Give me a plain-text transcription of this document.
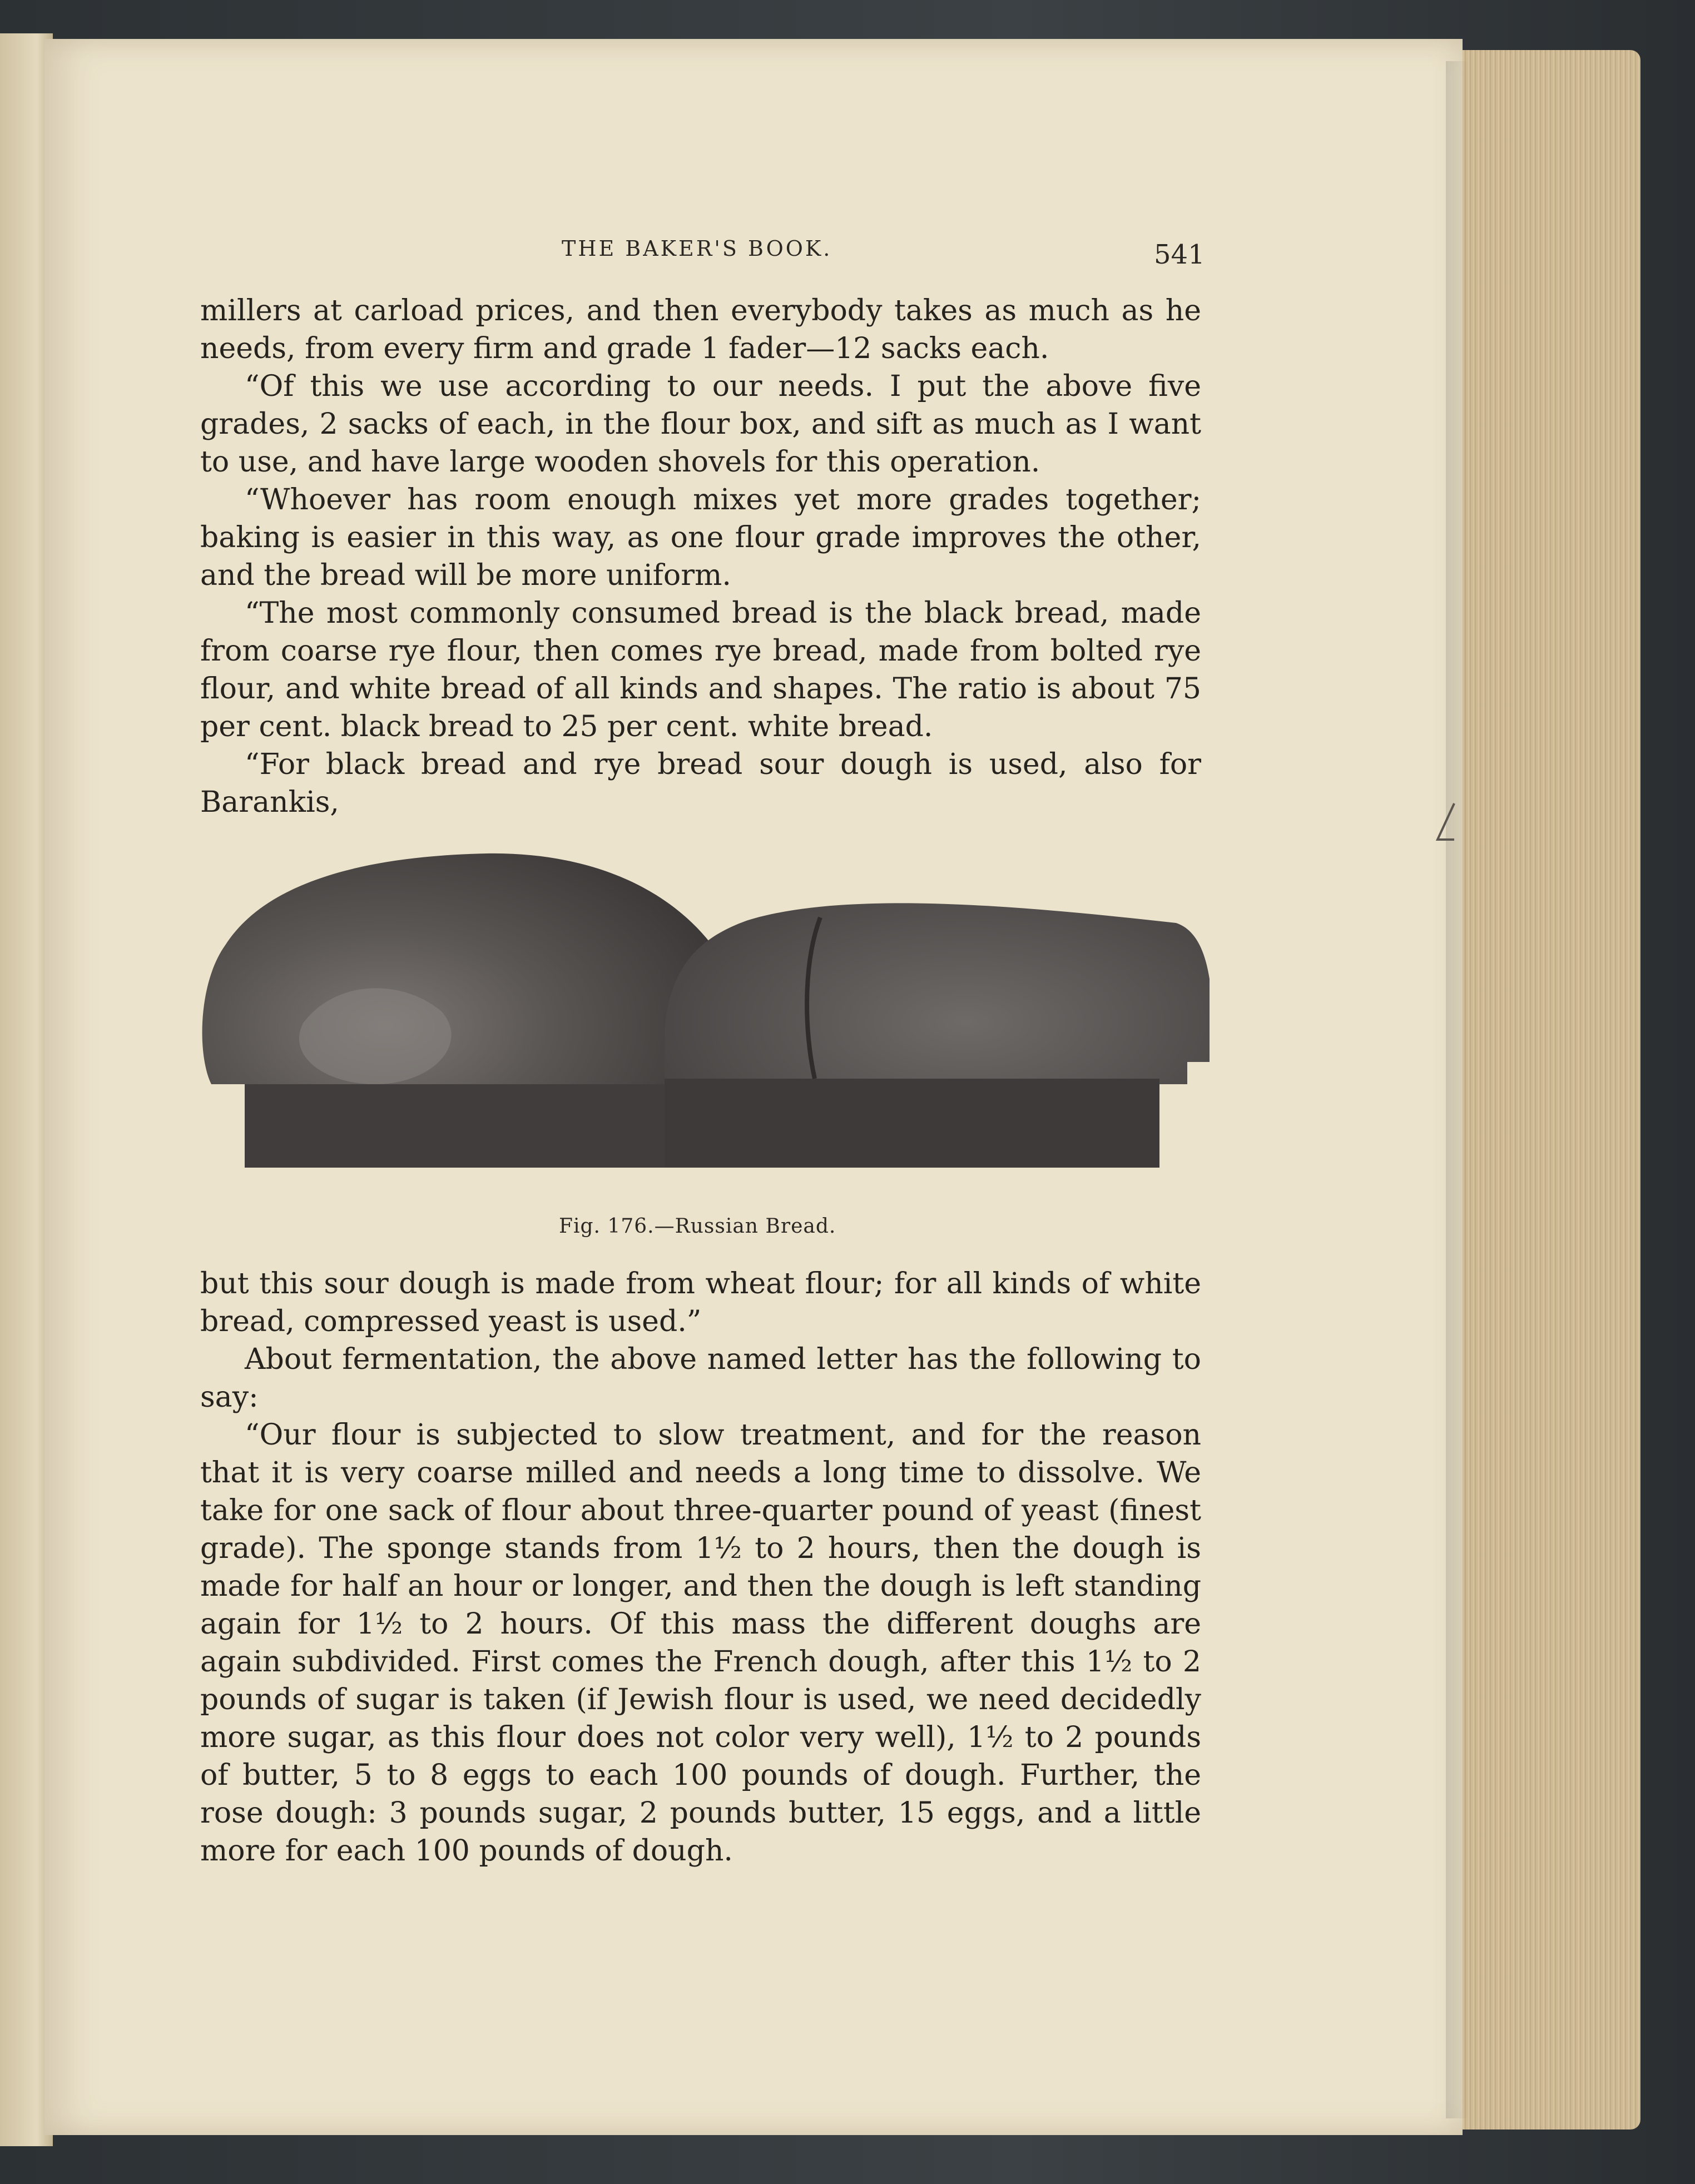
THE BAKER'S BOOK.	541

millers at carload prices, and then everybody takes as much as he needs, from every firm and grade 1 fader—12 sacks each.

“Of this we use according to our needs. I put the above five grades, 2 sacks of each, in the flour box, and sift as much as I want to use, and have large wooden shovels for this operation.

“Whoever has room enough mixes yet more grades together; baking is easier in this way, as one flour grade improves the other, and the bread will be more uniform.

“The most commonly consumed bread is the black bread, made from coarse rye flour, then comes rye bread, made from bolted rye flour, and white bread of all kinds and shapes. The ratio is about 75 per cent. black bread to 25 per cent. white bread.

“For black bread and rye bread sour dough is used, also for Barankis,

Fig. 176.—Russian Bread.

but this sour dough is made from wheat flour; for all kinds of white bread, compressed yeast is used.”

About fermentation, the above named letter has the following to say:

“Our flour is subjected to slow treatment, and for the reason that it is very coarse milled and needs a long time to dissolve. We take for one sack of flour about three-quarter pound of yeast (finest grade). The sponge stands from 1½ to 2 hours, then the dough is made for half an hour or longer, and then the dough is left standing again for 1½ to 2 hours. Of this mass the different doughs are again subdivided. First comes the French dough, after this 1½ to 2 pounds of sugar is taken (if Jewish flour is used, we need decidedly more sugar, as this flour does not color very well), 1½ to 2 pounds of butter, 5 to 8 eggs to each 100 pounds of dough. Further, the rose dough: 3 pounds sugar, 2 pounds butter, 15 eggs, and a little more for each 100 pounds of dough.
